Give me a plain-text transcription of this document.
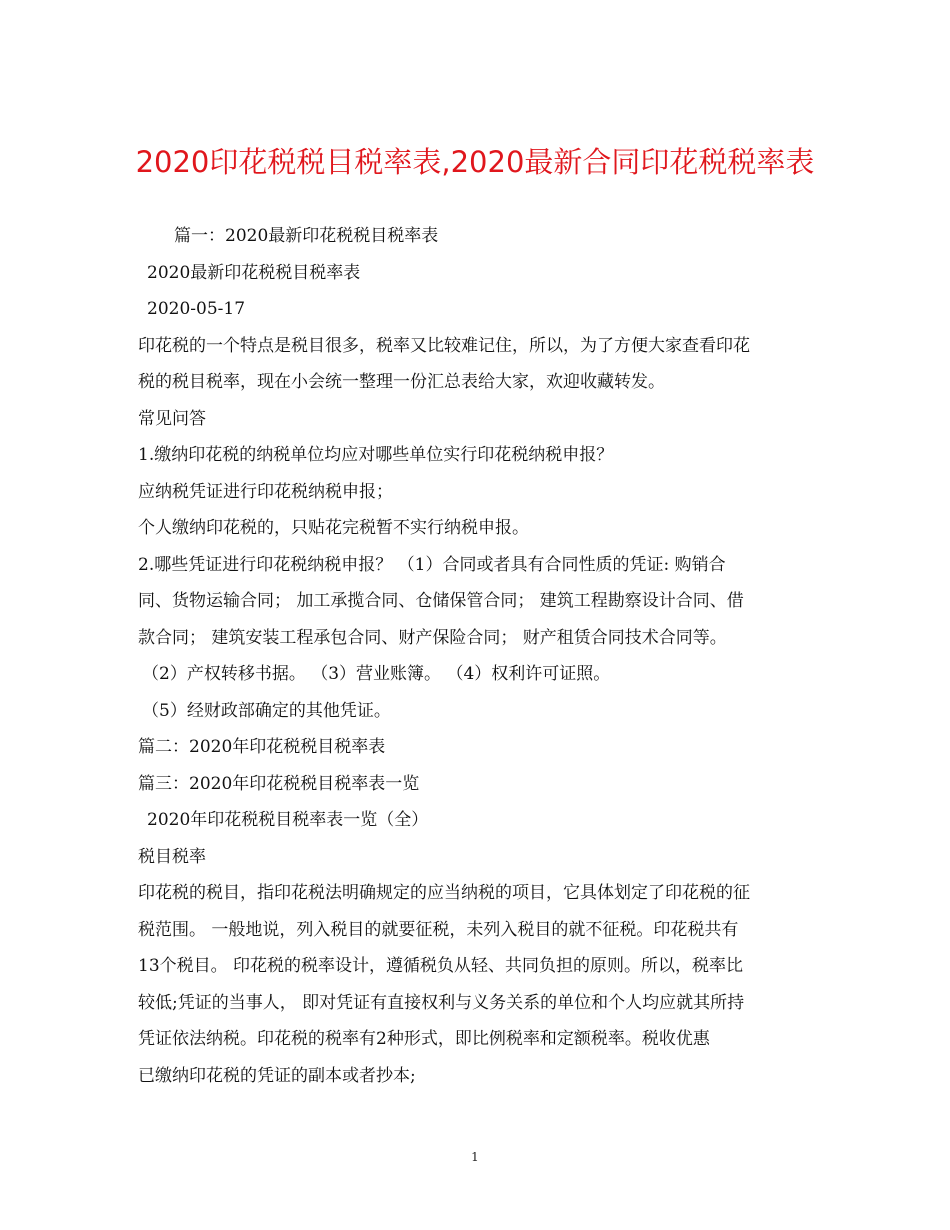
2020印花税税目税率表,2020最新合同印花税税率表

篇一：2020最新印花税税目税率表

2020最新印花税税目税率表

2020-05-17

印花税的一个特点是税目很多，税率又比较难记住，所以，为了方便大家查看印花

税的税目税率，现在小会统一整理一份汇总表给大家，欢迎收藏转发。

常见问答

1.缴纳印花税的纳税单位均应对哪些单位实行印花税纳税申报？

应纳税凭证进行印花税纳税申报；

个人缴纳印花税的，只贴花完税暂不实行纳税申报。

2.哪些凭证进行印花税纳税申报？ （1）合同或者具有合同性质的凭证: 购销合

同、货物运输合同； 加工承揽合同、仓储保管合同； 建筑工程勘察设计合同、借

款合同； 建筑安装工程承包合同、财产保险合同； 财产租赁合同技术合同等。

（2）产权转移书据。 （3）营业账簿。 （4）权利许可证照。

（5）经财政部确定的其他凭证。

篇二：2020年印花税税目税率表

篇三：2020年印花税税目税率表一览

2020年印花税税目税率表一览（全）

税目税率

印花税的税目，指印花税法明确规定的应当纳税的项目，它具体划定了印花税的征

税范围。 一般地说，列入税目的就要征税，未列入税目的就不征税。印花税共有

13个税目。 印花税的税率设计，遵循税负从轻、共同负担的原则。所以，税率比

较低;凭证的当事人， 即对凭证有直接权利与义务关系的单位和个人均应就其所持

凭证依法纳税。印花税的税率有2种形式，即比例税率和定额税率。税收优惠

已缴纳印花税的凭证的副本或者抄本;

1
